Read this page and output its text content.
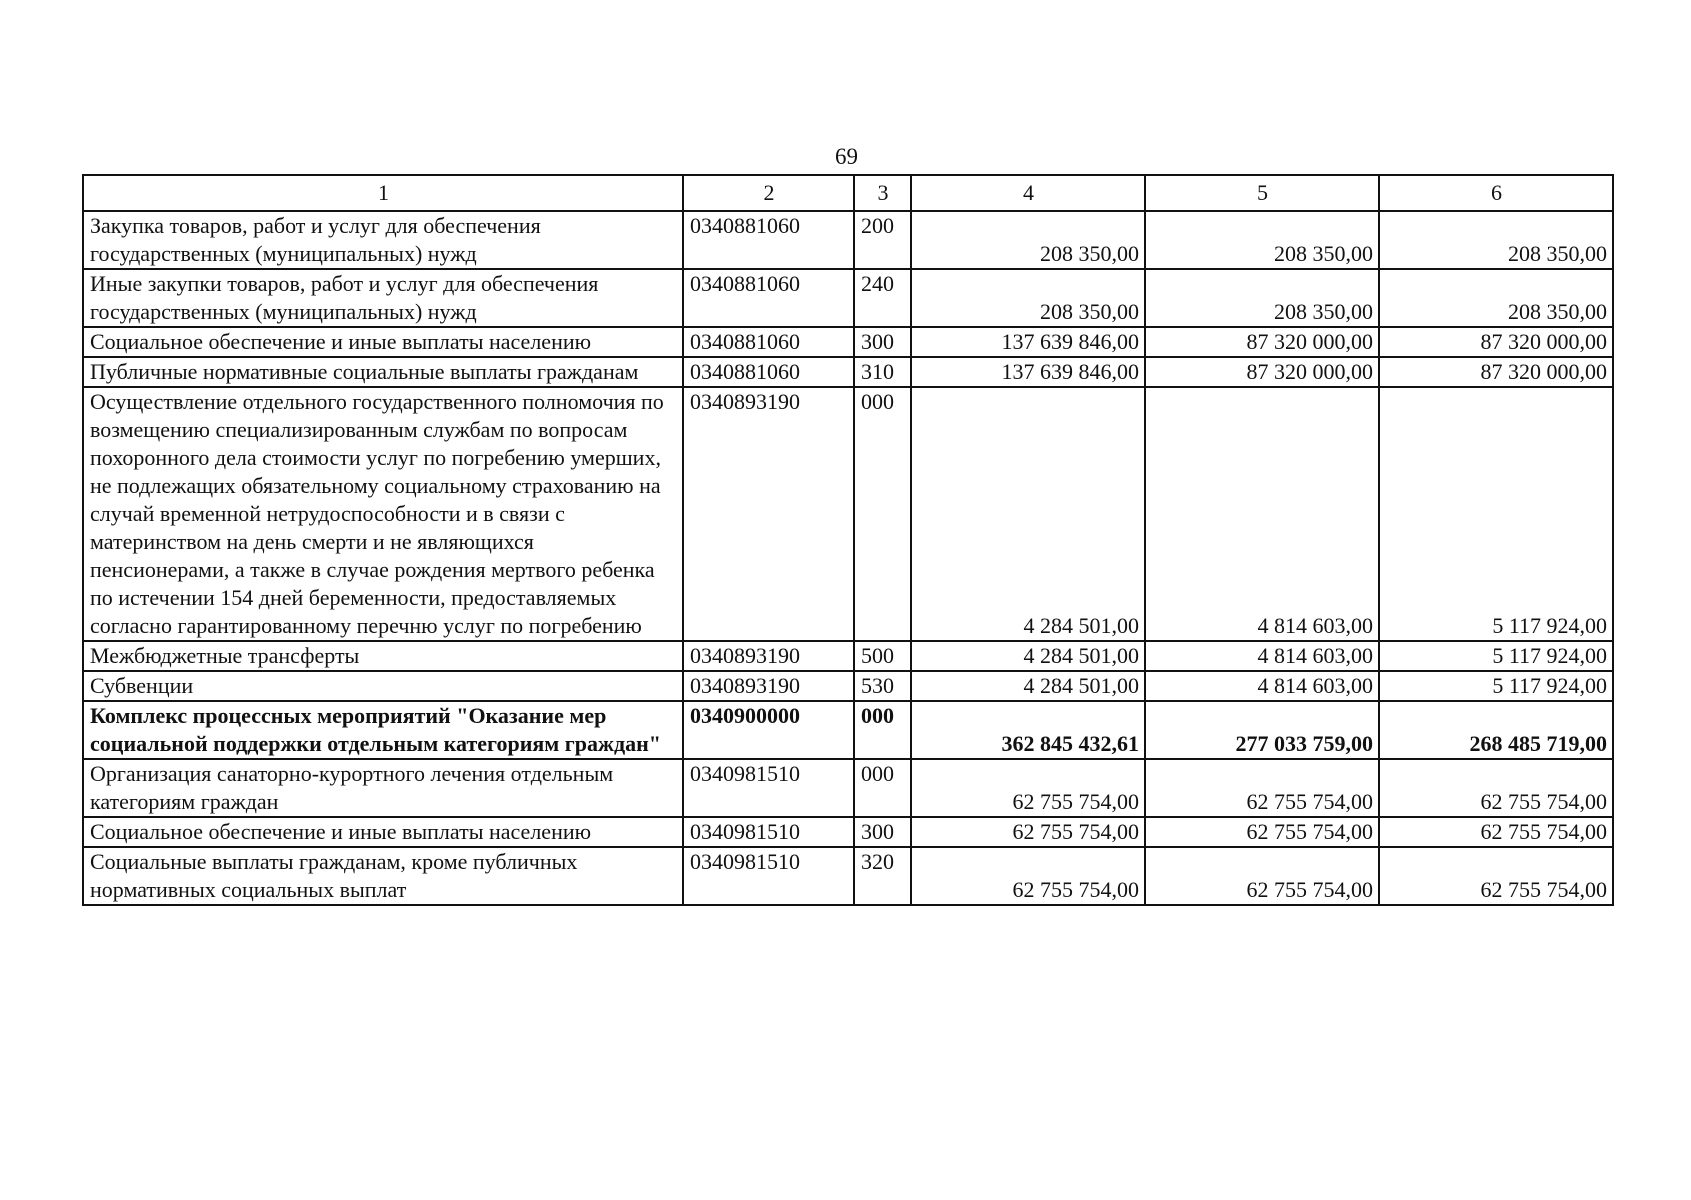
69
1	2	3	4	5	6
Закупка товаров, работ и услуг для обеспечения государственных (муниципальных) нужд	0340881060	200	208 350,00	208 350,00	208 350,00
Иные закупки товаров, работ и услуг для обеспечения государственных (муниципальных) нужд	0340881060	240	208 350,00	208 350,00	208 350,00
Социальное обеспечение и иные выплаты населению	0340881060	300	137 639 846,00	87 320 000,00	87 320 000,00
Публичные нормативные социальные выплаты гражданам	0340881060	310	137 639 846,00	87 320 000,00	87 320 000,00
Осуществление отдельного государственного полномочия по возмещению специализированным службам по вопросам похоронного дела стоимости услуг по погребению умерших, не подлежащих обязательному социальному страхованию на случай временной нетрудоспособности и в связи с материнством на день смерти и не являющихся пенсионерами, а также в случае рождения мертвого ребенка по истечении 154 дней беременности, предоставляемых согласно гарантированному перечню услуг по погребению	0340893190	000	4 284 501,00	4 814 603,00	5 117 924,00
Межбюджетные трансферты	0340893190	500	4 284 501,00	4 814 603,00	5 117 924,00
Субвенции	0340893190	530	4 284 501,00	4 814 603,00	5 117 924,00
Комплекс процессных мероприятий "Оказание мер социальной поддержки отдельным категориям граждан"	0340900000	000	362 845 432,61	277 033 759,00	268 485 719,00
Организация санаторно-курортного лечения отдельным категориям граждан	0340981510	000	62 755 754,00	62 755 754,00	62 755 754,00
Социальное обеспечение и иные выплаты населению	0340981510	300	62 755 754,00	62 755 754,00	62 755 754,00
Социальные выплаты гражданам, кроме публичных нормативных социальных выплат	0340981510	320	62 755 754,00	62 755 754,00	62 755 754,00
